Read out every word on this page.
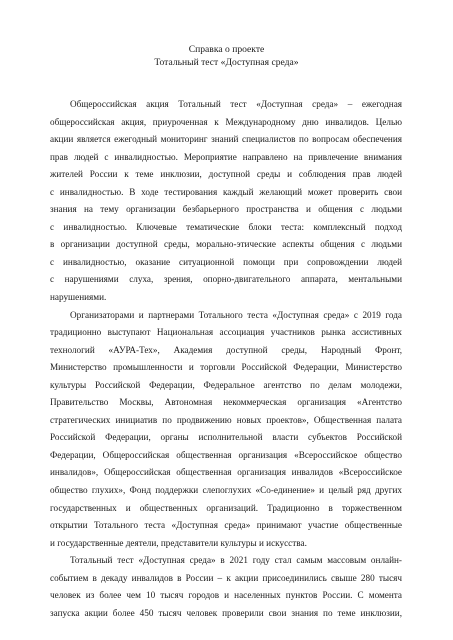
Справка о проекте
Тотальный тест «Доступная среда»
Общероссийская акция Тотальный тест «Доступная среда» – ежегодная
общероссийская акция, приуроченная к Международному дню инвалидов. Целью
акции является ежегодный мониторинг знаний специалистов по вопросам обеспечения
прав людей с инвалидностью. Мероприятие направлено на привлечение внимания
жителей России к теме инклюзии, доступной среды и соблюдения прав людей
с инвалидностью. В ходе тестирования каждый желающий может проверить свои
знания на тему организации безбарьерного пространства и общения с людьми
с инвалидностью. Ключевые тематические блоки теста: комплексный подход
в организации доступной среды, морально-этические аспекты общения с людьми
с инвалидностью, оказание ситуационной помощи при сопровождении людей
с нарушениями слуха, зрения, опорно-двигательного аппарата, ментальными
нарушениями.
Организаторами и партнерами Тотального теста «Доступная среда» с 2019 года
традиционно выступают Национальная ассоциация участников рынка ассистивных
технологий «АУРА-Тех», Академия доступной среды, Народный Фронт,
Министерство промышленности и торговли Российской Федерации, Министерство
культуры Российской Федерации, Федеральное агентство по делам молодежи,
Правительство Москвы, Автономная некоммерческая организация «Агентство
стратегических инициатив по продвижению новых проектов», Общественная палата
Российской Федерации, органы исполнительной власти субъектов Российской
Федерации, Общероссийская общественная организация «Всероссийское общество
инвалидов», Общероссийская общественная организация инвалидов «Всероссийское
общество глухих», Фонд поддержки слепоглухих «Со-единение» и целый ряд других
государственных и общественных организаций. Традиционно в торжественном
открытии Тотального теста «Доступная среда» принимают участие общественные
и государственные деятели, представители культуры и искусства.
Тотальный тест «Доступная среда» в 2021 году стал самым массовым онлайн-
событием в декаду инвалидов в России – к акции присоединились свыше 280 тысяч
человек из более чем 10 тысяч городов и населенных пунктов России. С момента
запуска акции более 450 тысяч человек проверили свои знания по теме инклюзии,
